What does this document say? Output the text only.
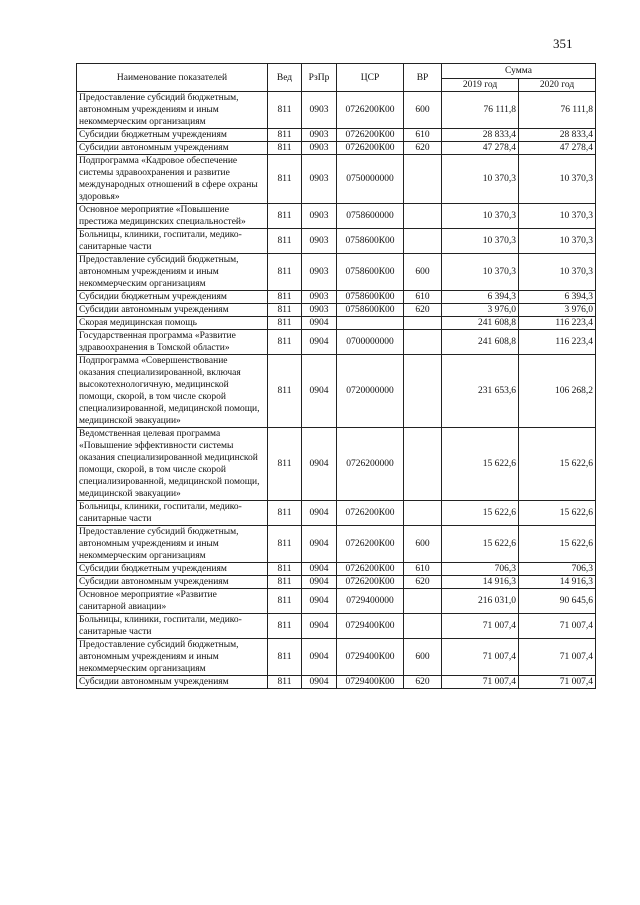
351
Наименование показателей	Вед	РзПр	ЦСР	ВР	Сумма	
					2019 год	2020 год
Предоставление субсидий бюджетным, автономным учреждениям и иным некоммерческим организациям	811	0903	0726200К00	600	76 111,8	76 111,8
Субсидии бюджетным учреждениям	811	0903	0726200К00	610	28 833,4	28 833,4
Субсидии автономным учреждениям	811	0903	0726200К00	620	47 278,4	47 278,4
Подпрограмма «Кадровое обеспечение системы здравоохранения и развитие международных отношений в сфере охраны здоровья»	811	0903	0750000000		10 370,3	10 370,3
Основное мероприятие «Повышение престижа медицинских специальностей»	811	0903	0758600000		10 370,3	10 370,3
Больницы, клиники, госпитали, медико-санитарные части	811	0903	0758600К00		10 370,3	10 370,3
Предоставление субсидий бюджетным, автономным учреждениям и иным некоммерческим организациям	811	0903	0758600К00	600	10 370,3	10 370,3
Субсидии бюджетным учреждениям	811	0903	0758600К00	610	6 394,3	6 394,3
Субсидии автономным учреждениям	811	0903	0758600К00	620	3 976,0	3 976,0
Скорая медицинская помощь	811	0904			241 608,8	116 223,4
Государственная программа «Развитие здравоохранения в Томской области»	811	0904	0700000000		241 608,8	116 223,4
Подпрограмма «Совершенствование оказания специализированной, включая высокотехнологичную, медицинской помощи, скорой, в том числе скорой специализированной, медицинской помощи, медицинской эвакуации»	811	0904	0720000000		231 653,6	106 268,2
Ведомственная целевая программа «Повышение эффективности системы оказания специализированной медицинской помощи, скорой, в том числе скорой специализированной, медицинской помощи, медицинской эвакуации»	811	0904	0726200000		15 622,6	15 622,6
Больницы, клиники, госпитали, медико-санитарные части	811	0904	0726200К00		15 622,6	15 622,6
Предоставление субсидий бюджетным, автономным учреждениям и иным некоммерческим организациям	811	0904	0726200К00	600	15 622,6	15 622,6
Субсидии бюджетным учреждениям	811	0904	0726200К00	610	706,3	706,3
Субсидии автономным учреждениям	811	0904	0726200К00	620	14 916,3	14 916,3
Основное мероприятие «Развитие санитарной авиации»	811	0904	0729400000		216 031,0	90 645,6
Больницы, клиники, госпитали, медико-санитарные части	811	0904	0729400К00		71 007,4	71 007,4
Предоставление субсидий бюджетным, автономным учреждениям и иным некоммерческим организациям	811	0904	0729400К00	600	71 007,4	71 007,4
Субсидии автономным учреждениям	811	0904	0729400К00	620	71 007,4	71 007,4
